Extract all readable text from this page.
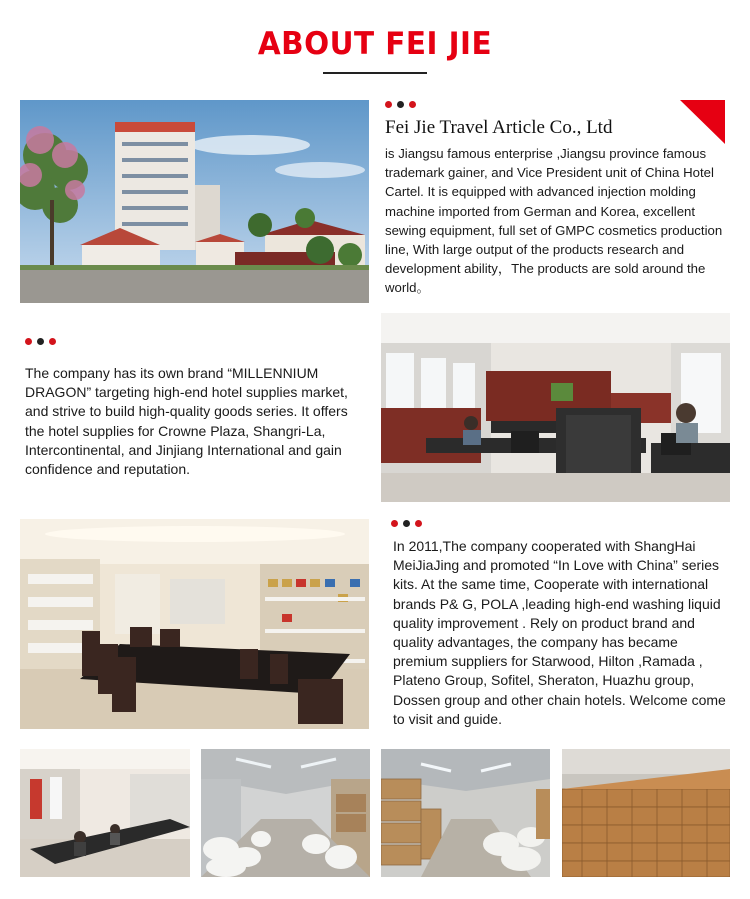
ABOUT FEI JIE
Fei Jie Travel Article Co., Ltd
is Jiangsu famous enterprise ,Jiangsu province famous trademark gainer, and Vice President unit of China Hotel Cartel. It is equipped with advanced injection molding machine imported from German and Korea, excellent sewing equipment, full set of GMPC cosmetics production line, With large output of the products research and development ability，The products are sold around the world。
The company has its own brand “MILLENNIUM DRAGON” targeting high-end hotel supplies market, and strive to build high-quality goods series. It offers the hotel supplies for Crowne Plaza, Shangri-La, Intercontinental, and Jinjiang International and gain confidence and reputation.
In 2011,The company cooperated with ShangHai MeiJiaJing and promoted “In Love with China” series kits. At the same time, Cooperate with international brands P& G, POLA ,leading high-end washing liquid quality improvement . Rely on product brand and quality advantages, the company has became premium suppliers for Starwood, Hilton ,Ramada , Plateno Group, Sofitel, Sheraton, Huazhu group, Dossen group and other chain hotels. Welcome come to visit and guide.
